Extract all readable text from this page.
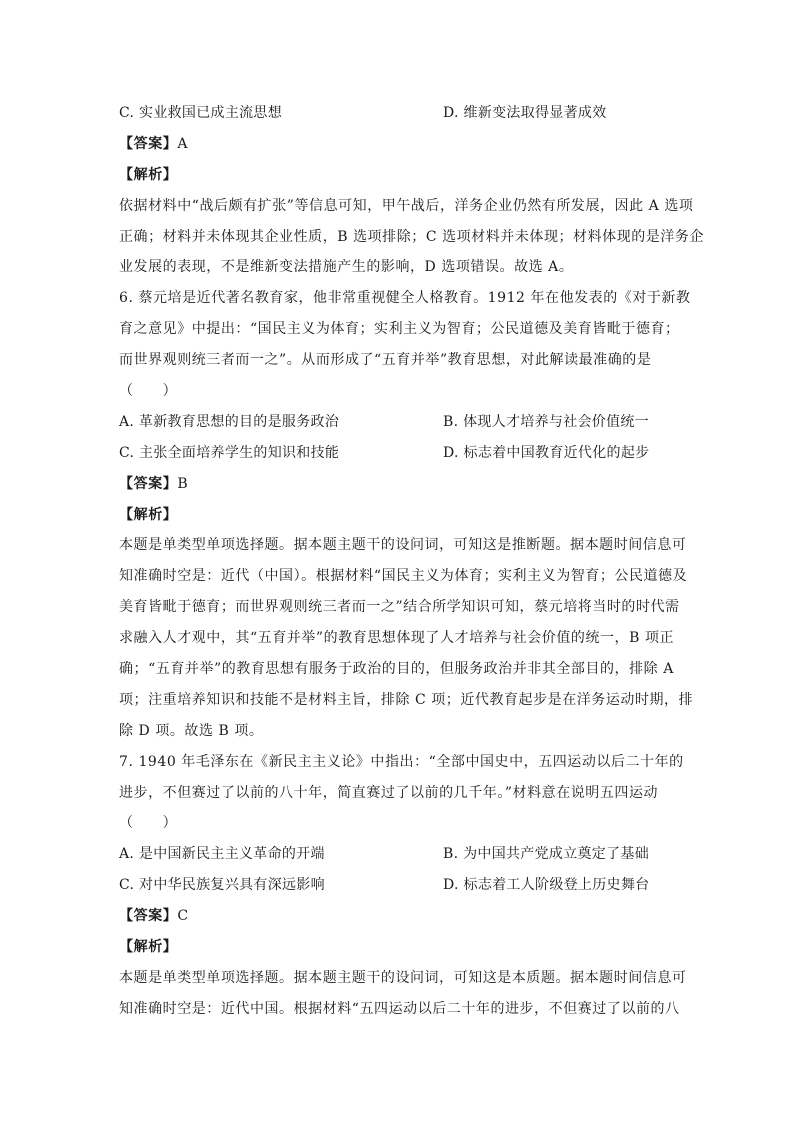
C. 实业救国已成主流思想	D. 维新变法取得显著成效
【答案】A
【解析】
依据材料中“战后颇有扩张”等信息可知，甲午战后，洋务企业仍然有所发展，因此 A 选项
正确；材料并未体现其企业性质，B 选项排除；C 选项材料并未体现；材料体现的是洋务企
业发展的表现，不是维新变法措施产生的影响，D 选项错误。故选 A。
6. 蔡元培是近代著名教育家，他非常重视健全人格教育。1912 年在他发表的《对于新教
育之意见》中提出：“国民主义为体育；实利主义为智育；公民道德及美育皆毗于德育；
而世界观则统三者而一之”。从而形成了“五育并举”教育思想，对此解读最准确的是
（　　）
A. 革新教育思想的目的是服务政治	B. 体现人才培养与社会价值统一
C. 主张全面培养学生的知识和技能	D. 标志着中国教育近代化的起步
【答案】B
【解析】
本题是单类型单项选择题。据本题主题干的设问词，可知这是推断题。据本题时间信息可
知准确时空是：近代（中国）。根据材料“国民主义为体育；实利主义为智育；公民道德及
美育皆毗于德育；而世界观则统三者而一之”结合所学知识可知，蔡元培将当时的时代需
求融入人才观中，其“五育并举”的教育思想体现了人才培养与社会价值的统一，B 项正
确；“五育并举”的教育思想有服务于政治的目的，但服务政治并非其全部目的，排除 A
项；注重培养知识和技能不是材料主旨，排除 C 项；近代教育起步是在洋务运动时期，排
除 D 项。故选 B 项。
7. 1940 年毛泽东在《新民主主义论》中指出：“全部中国史中，五四运动以后二十年的
进步，不但赛过了以前的八十年，简直赛过了以前的几千年。”材料意在说明五四运动
（　　）
A. 是中国新民主主义革命的开端	B. 为中国共产党成立奠定了基础
C. 对中华民族复兴具有深远影响	D. 标志着工人阶级登上历史舞台
【答案】C
【解析】
本题是单类型单项选择题。据本题主题干的设问词，可知这是本质题。据本题时间信息可
知准确时空是：近代中国。根据材料“五四运动以后二十年的进步，不但赛过了以前的八
